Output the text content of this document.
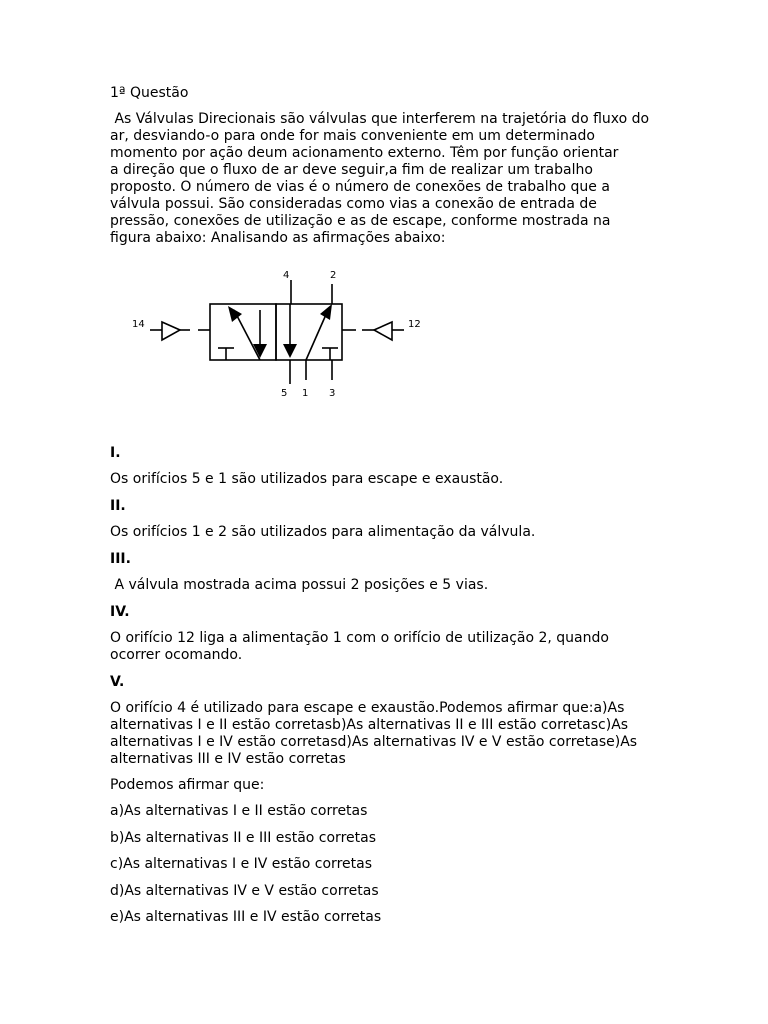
1ª Questão

As Válvulas Direcionais são válvulas que interferem na trajetória do fluxo do
ar, desviando-o para onde for mais conveniente em um determinado
momento por ação deum acionamento externo. Têm por função orientar
a direção que o fluxo de ar deve seguir,a fim de realizar um trabalho
proposto. O número de vias é o número de conexões de trabalho que a
válvula possui. São consideradas como vias a conexão de entrada de
pressão, conexões de utilização e as de escape, conforme mostrada na
figura abaixo: Analisando as afirmações abaixo:
4	2
14	12
5 1 3

I.

Os orifícios 5 e 1 são utilizados para escape e exaustão.

II.

Os orifícios 1 e 2 são utilizados para alimentação da válvula.

III.

A válvula mostrada acima possui 2 posições e 5 vias.

IV.

O orifício 12 liga a alimentação 1 com o orifício de utilização 2, quando
ocorrer ocomando.

V.

O orifício 4 é utilizado para escape e exaustão.Podemos afirmar que:a)As
alternativas I e II estão corretasb)As alternativas II e III estão corretasc)As
alternativas I e IV estão corretasd)As alternativas IV e V estão corretase)As
alternativas III e IV estão corretas

Podemos afirmar que:

a)As alternativas I e II estão corretas

b)As alternativas II e III estão corretas

c)As alternativas I e IV estão corretas

d)As alternativas IV e V estão corretas

e)As alternativas III e IV estão corretas
